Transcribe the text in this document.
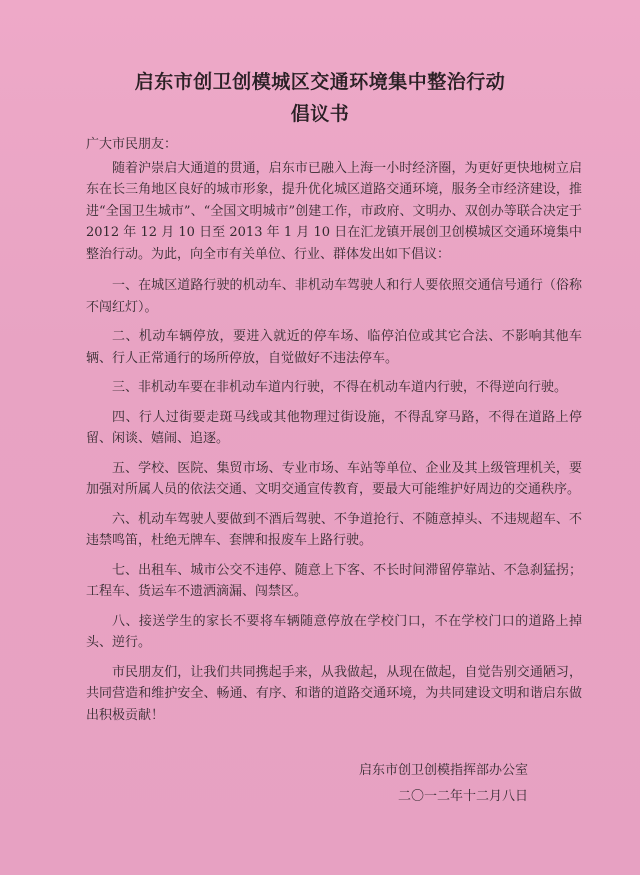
启东市创卫创模城区交通环境集中整治行动
倡议书

广大市民朋友：

随着沪崇启大通道的贯通，启东市已融入上海一小时经济圈，为更好更快地树立启东在长三角地区良好的城市形象，提升优化城区道路交通环境，服务全市经济建设，推进“全国卫生城市”、“全国文明城市”创建工作，市政府、文明办、双创办等联合决定于 2012 年 12 月 10 日至 2013 年 1 月 10 日在汇龙镇开展创卫创模城区交通环境集中整治行动。为此，向全市有关单位、行业、群体发出如下倡议：

一、在城区道路行驶的机动车、非机动车驾驶人和行人要依照交通信号通行（俗称不闯红灯）。

二、机动车辆停放，要进入就近的停车场、临停泊位或其它合法、不影响其他车辆、行人正常通行的场所停放，自觉做好不违法停车。

三、非机动车要在非机动车道内行驶，不得在机动车道内行驶，不得逆向行驶。

四、行人过街要走斑马线或其他物理过街设施，不得乱穿马路，不得在道路上停留、闲谈、嬉闹、追逐。

五、学校、医院、集贸市场、专业市场、车站等单位、企业及其上级管理机关，要加强对所属人员的依法交通、文明交通宣传教育，要最大可能维护好周边的交通秩序。

六、机动车驾驶人要做到不酒后驾驶、不争道抢行、不随意掉头、不违规超车、不违禁鸣笛，杜绝无牌车、套牌和报废车上路行驶。

七、出租车、城市公交不违停、随意上下客、不长时间滞留停靠站、不急刹猛拐；工程车、货运车不遗洒滴漏、闯禁区。

八、接送学生的家长不要将车辆随意停放在学校门口，不在学校门口的道路上掉头、逆行。

市民朋友们，让我们共同携起手来，从我做起，从现在做起，自觉告别交通陋习，共同营造和维护安全、畅通、有序、和谐的道路交通环境，为共同建设文明和谐启东做出积极贡献！

启东市创卫创模指挥部办公室
二〇一二年十二月八日
